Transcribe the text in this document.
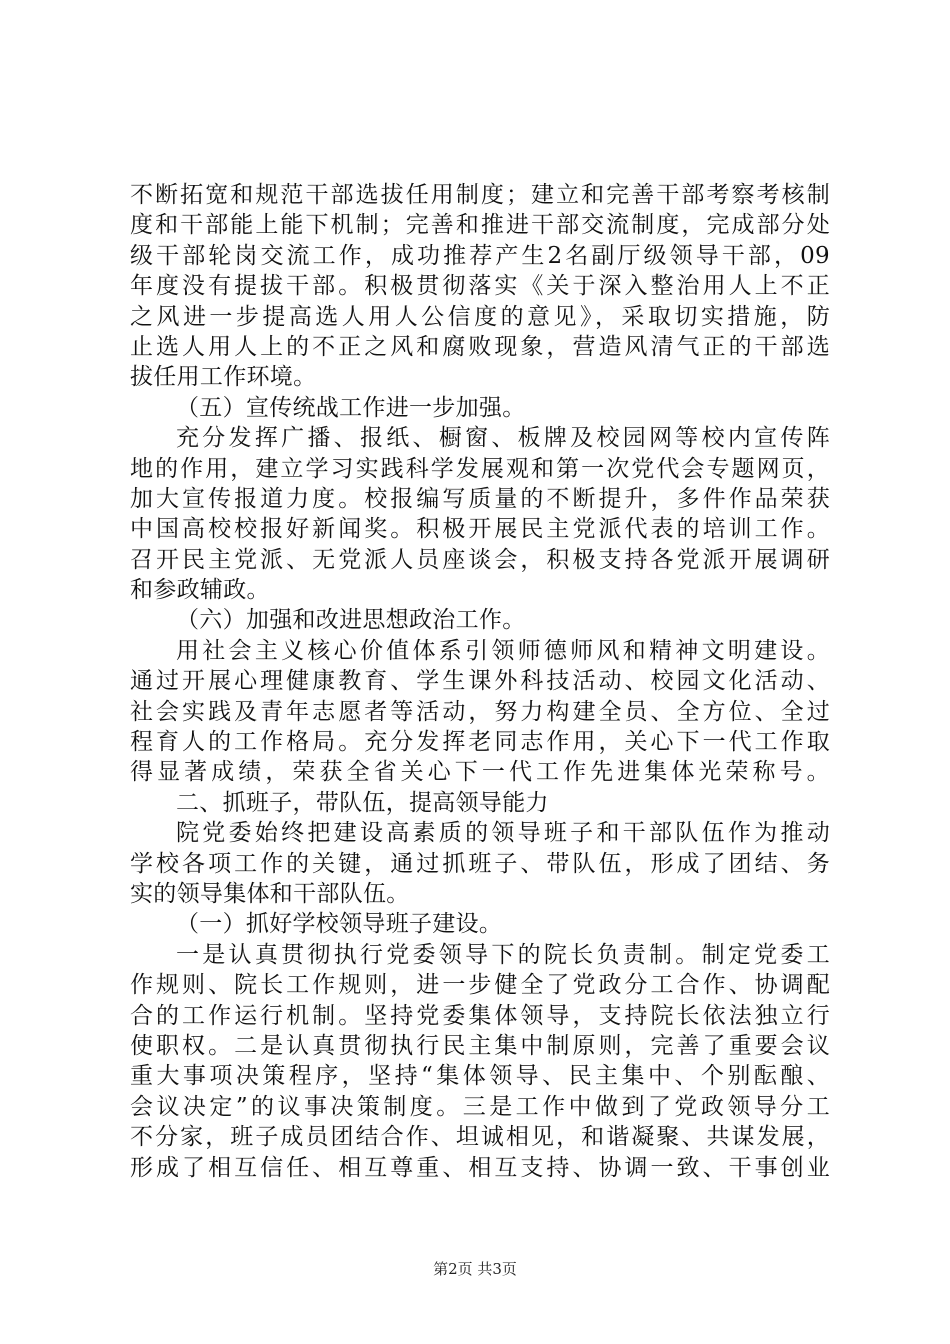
不断拓宽和规范干部选拔任用制度；建立和完善干部考察考核制
度和干部能上能下机制；完善和推进干部交流制度，完成部分处
级干部轮岗交流工作，成功推荐产生2名副厅级领导干部，09
年度没有提拔干部。积极贯彻落实《关于深入整治用人上不正
之风进一步提高选人用人公信度的意见》，采取切实措施，防
止选人用人上的不正之风和腐败现象，营造风清气正的干部选
拔任用工作环境。
（五）宣传统战工作进一步加强。
充分发挥广播、报纸、橱窗、板牌及校园网等校内宣传阵
地的作用，建立学习实践科学发展观和第一次党代会专题网页，
加大宣传报道力度。校报编写质量的不断提升，多件作品荣获
中国高校校报好新闻奖。积极开展民主党派代表的培训工作。
召开民主党派、无党派人员座谈会，积极支持各党派开展调研
和参政辅政。
（六）加强和改进思想政治工作。
用社会主义核心价值体系引领师德师风和精神文明建设。
通过开展心理健康教育、学生课外科技活动、校园文化活动、
社会实践及青年志愿者等活动，努力构建全员、全方位、全过
程育人的工作格局。充分发挥老同志作用，关心下一代工作取
得显著成绩，荣获全省关心下一代工作先进集体光荣称号。
二、抓班子，带队伍，提高领导能力
院党委始终把建设高素质的领导班子和干部队伍作为推动
学校各项工作的关键，通过抓班子、带队伍，形成了团结、务
实的领导集体和干部队伍。
（一）抓好学校领导班子建设。
一是认真贯彻执行党委领导下的院长负责制。制定党委工
作规则、院长工作规则，进一步健全了党政分工合作、协调配
合的工作运行机制。坚持党委集体领导，支持院长依法独立行
使职权。二是认真贯彻执行民主集中制原则，完善了重要会议
重大事项决策程序，坚持“集体领导、民主集中、个别酝酿、
会议决定”的议事决策制度。三是工作中做到了党政领导分工
不分家，班子成员团结合作、坦诚相见，和谐凝聚、共谋发展，
形成了相互信任、相互尊重、相互支持、协调一致、干事创业
第2页 共3页
